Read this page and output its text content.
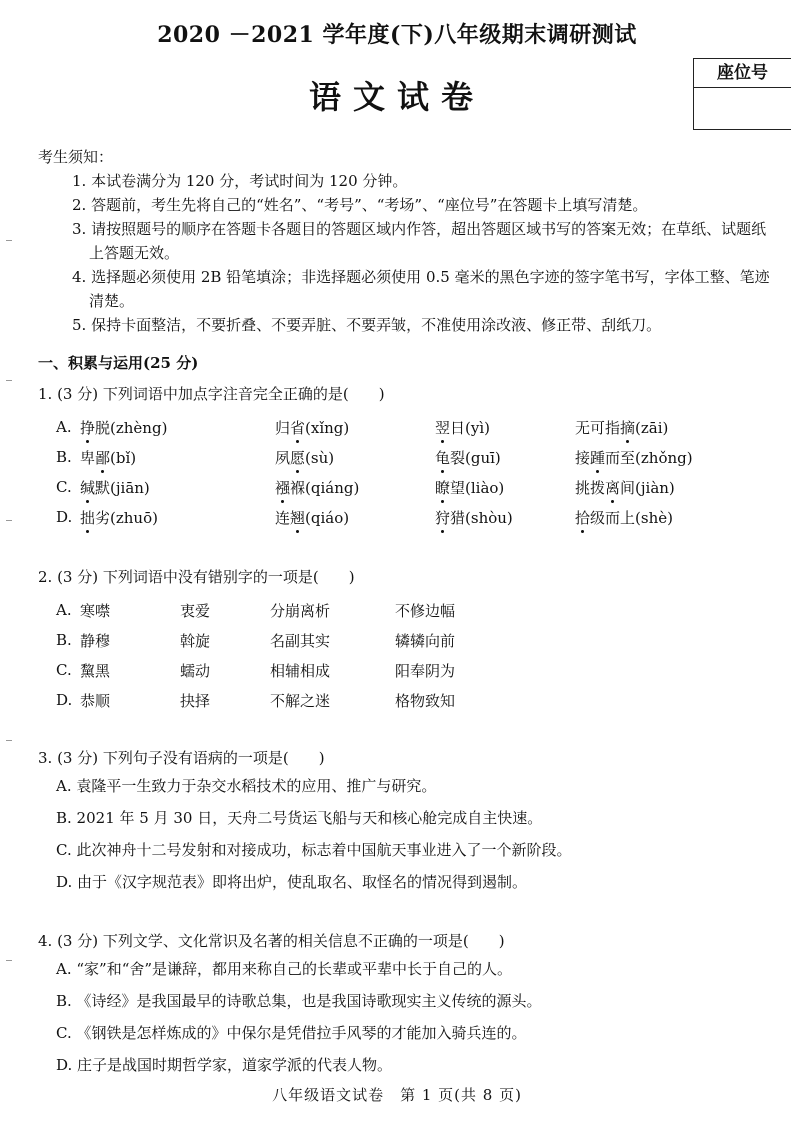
2020 －2021 学年度(下)八年级期末调研测试
语文试卷
座位号
考生须知：
1. 本试卷满分为 120 分，考试时间为 120 分钟。
2. 答题前，考生先将自己的“姓名”、“考号”、“考场”、“座位号”在答题卡上填写清楚。
3. 请按照题号的顺序在答题卡各题目的答题区域内作答，超出答题区域书写的答案无效；在草纸、试题纸上答题无效。
4. 选择题必须使用 2B 铅笔填涂；非选择题必须使用 0.5 毫米的黑色字迹的签字笔书写，字体工整、笔迹清楚。
5. 保持卡面整洁，不要折叠、不要弄脏、不要弄皱，不准使用涂改液、修正带、刮纸刀。
一、积累与运用(25 分)
1. (3 分) 下列词语中加点字注音完全正确的是(　　)
A. 挣脱(zhèng)	归省(xǐng)	翌日(yì)	无可指摘(zāi)
B. 卑鄙(bǐ)	夙愿(sù)	龟裂(guī)	接踵而至(zhǒng)
C. 缄默(jiān)	襁褓(qiáng)	瞭望(liào)	挑拨离间(jiàn)
D. 拙劣(zhuō)	连翘(qiáo)	狩猎(shòu)	拾级而上(shè)
2. (3 分) 下列词语中没有错别字的一项是(　　)
A. 寒噤	衷爱	分崩离析	不修边幅
B. 静穆	斡旋	名副其实	辚辚向前
C. 黧黑	蠕动	相辅相成	阳奉阴为
D. 恭顺	抉择	不解之迷	格物致知
3. (3 分) 下列句子没有语病的一项是(　　)
A. 袁隆平一生致力于杂交水稻技术的应用、推广与研究。
B. 2021 年 5 月 30 日，天舟二号货运飞船与天和核心舱完成自主快速。
C. 此次神舟十二号发射和对接成功，标志着中国航天事业进入了一个新阶段。
D. 由于《汉字规范表》即将出炉，使乱取名、取怪名的情况得到遏制。
4. (3 分) 下列文学、文化常识及名著的相关信息不正确的一项是(　　)
A. “家”和“舍”是谦辞，都用来称自己的长辈或平辈中长于自己的人。
B. 《诗经》是我国最早的诗歌总集，也是我国诗歌现实主义传统的源头。
C. 《钢铁是怎样炼成的》中保尔是凭借拉手风琴的才能加入骑兵连的。
D. 庄子是战国时期哲学家，道家学派的代表人物。
八年级语文试卷　第 1 页(共 8 页)
